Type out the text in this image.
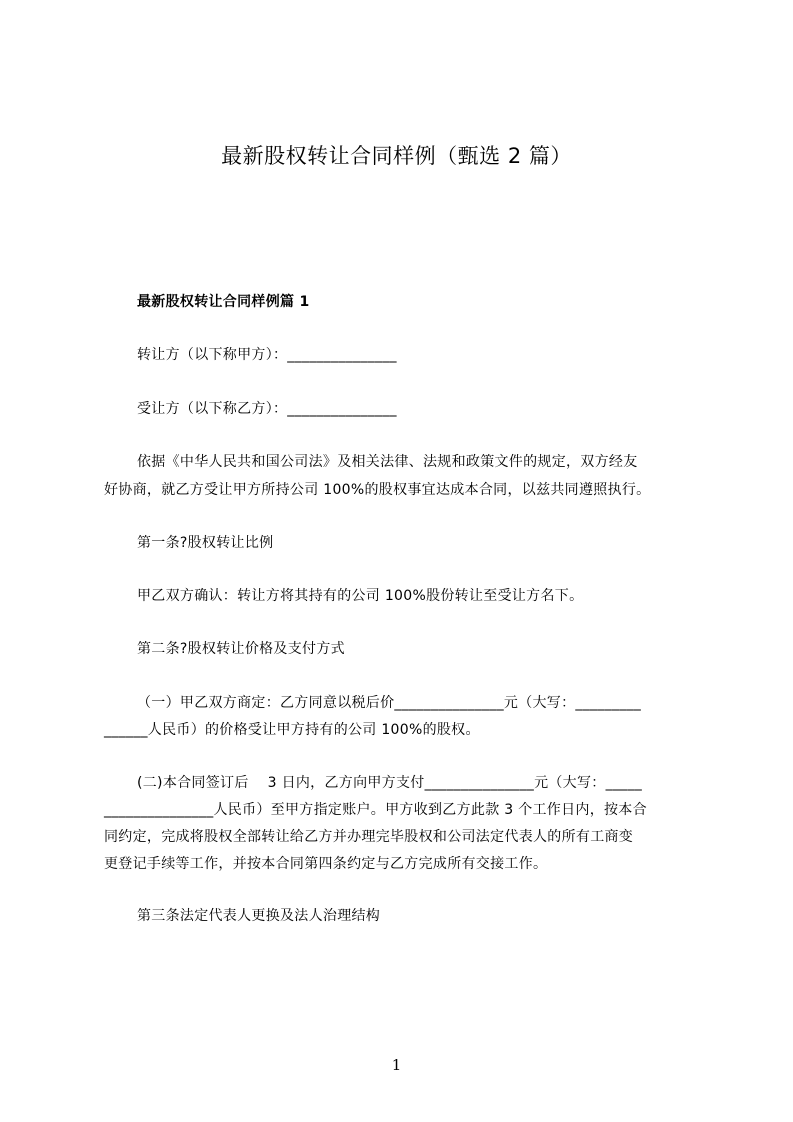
最新股权转让合同样例（甄选 2 篇）
最新股权转让合同样例篇 1
转让方（以下称甲方）：_______________
受让方（以下称乙方）：_______________
依据《中华人民共和国公司法》及相关法律、法规和政策文件的规定，双方经友
好协商，就乙方受让甲方所持公司 100%的股权事宜达成本合同，以兹共同遵照执行。
第一条?股权转让比例
甲乙双方确认：转让方将其持有的公司 100%股份转让至受让方名下。
第二条?股权转让价格及支付方式
（一）甲乙双方商定：乙方同意以税后价_______________元（大写：_________
______人民币）的价格受让甲方持有的公司 100%的股权。
(二)本合同签订后    3 日内，乙方向甲方支付_______________元（大写：_____
_______________人民币）至甲方指定账户。甲方收到乙方此款 3 个工作日内，按本合
同约定，完成将股权全部转让给乙方并办理完毕股权和公司法定代表人的所有工商变
更登记手续等工作，并按本合同第四条约定与乙方完成所有交接工作。
第三条法定代表人更换及法人治理结构
1
